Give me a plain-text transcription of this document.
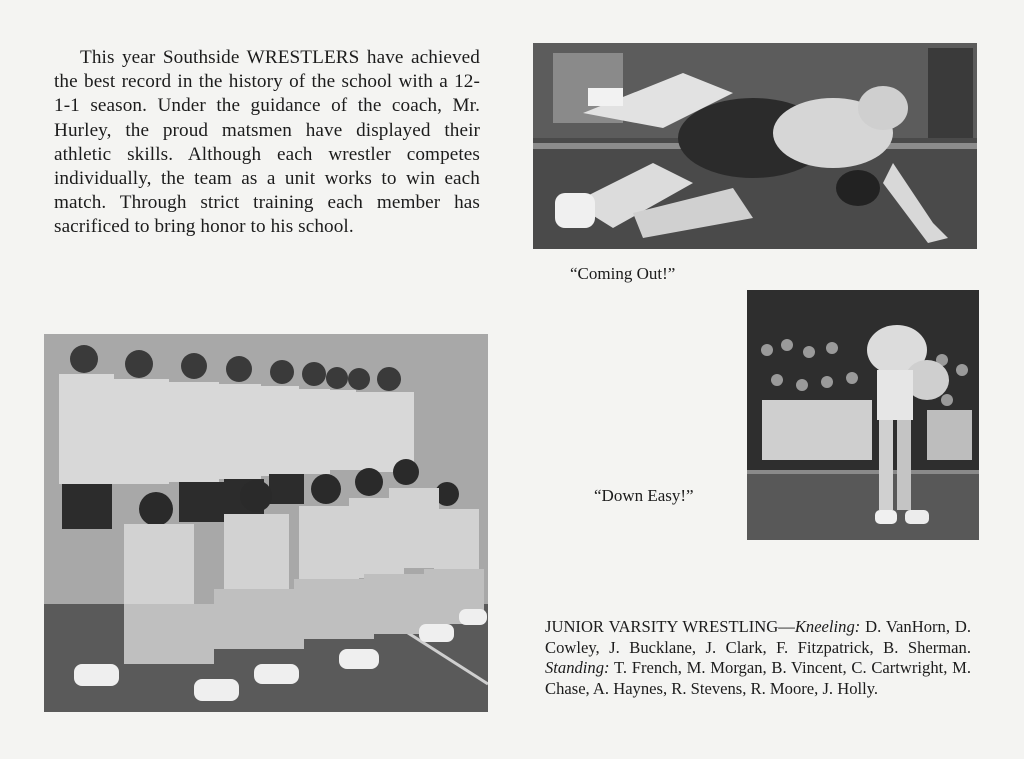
This year Southside WRESTLERS have achieved the best record in the history of the school with a 12-1-1 season. Under the guidance of the coach, Mr. Hurley, the proud matsmen have displayed their athletic skills. Although each wrestler competes individually, the team as a unit works to win each match. Through strict training each member has sacrificed to bring honor to his school.

“Coming Out!”

“Down Easy!”

JUNIOR VARSITY WRESTLING—Kneeling: D. VanHorn, D. Cowley, J. Bucklane, J. Clark, F. Fitzpatrick, B. Sherman. Standing: T. French, M. Morgan, B. Vincent, C. Cartwright, M. Chase, A. Haynes, R. Stevens, R. Moore, J. Holly.
